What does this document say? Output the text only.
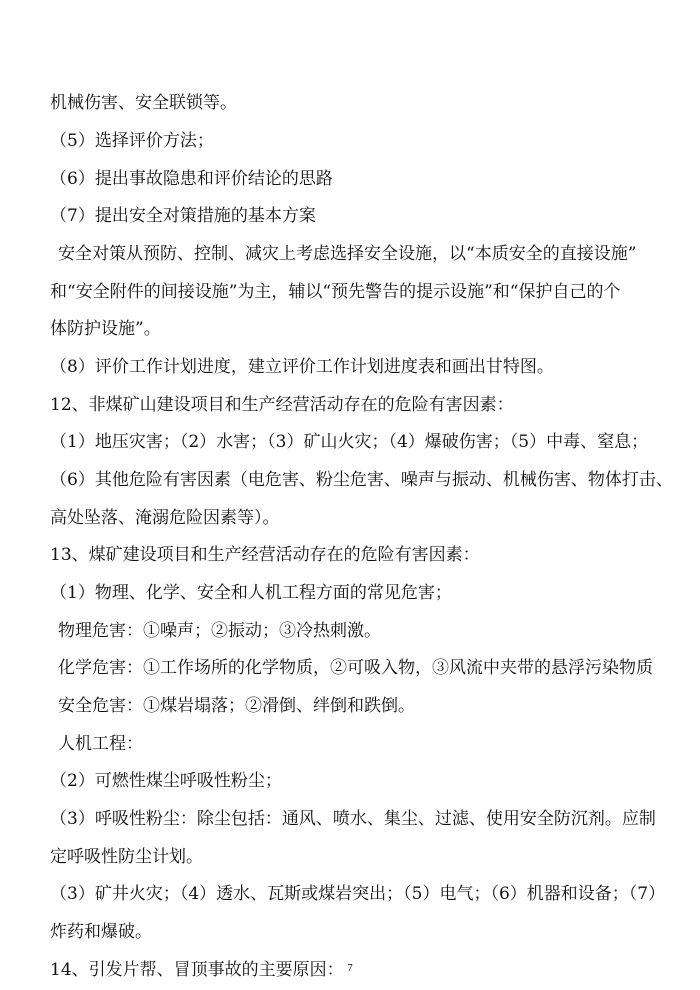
机械伤害、安全联锁等。
（5）选择评价方法；
（6）提出事故隐患和评价结论的思路
（7）提出安全对策措施的基本方案
安全对策从预防、控制、减灾上考虑选择安全设施，以“本质安全的直接设施”
和“安全附件的间接设施”为主，辅以“预先警告的提示设施”和“保护自己的个
体防护设施”。
（8）评价工作计划进度，建立评价工作计划进度表和画出甘特图。
12、非煤矿山建设项目和生产经营活动存在的危险有害因素：
（1）地压灾害；（2）水害；（3）矿山火灾；（4）爆破伤害；（5）中毒、窒息；
（6）其他危险有害因素（电危害、粉尘危害、噪声与振动、机械伤害、物体打击、
高处坠落、淹溺危险因素等）。
13、煤矿建设项目和生产经营活动存在的危险有害因素：
（1）物理、化学、安全和人机工程方面的常见危害；
物理危害：①噪声；②振动；③冷热刺激。
化学危害：①工作场所的化学物质，②可吸入物，③风流中夹带的悬浮污染物质
安全危害：①煤岩塌落；②滑倒、绊倒和跌倒。
人机工程：
（2）可燃性煤尘呼吸性粉尘；
（3）呼吸性粉尘：除尘包括：通风、喷水、集尘、过滤、使用安全防沉剂。应制
定呼吸性防尘计划。
（3）矿井火灾；（4）透水、瓦斯或煤岩突出；（5）电气；（6）机器和设备；（7）
炸药和爆破。
14、引发片帮、冒顶事故的主要原因： 7
